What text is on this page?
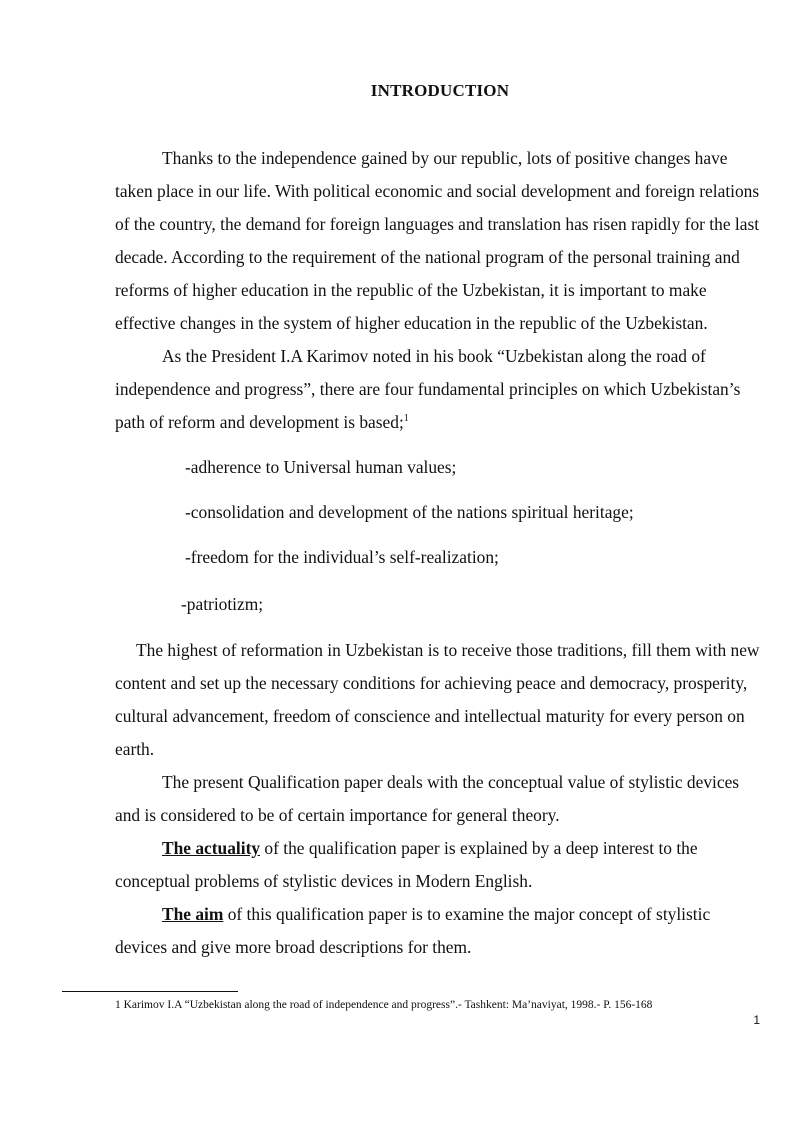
INTRODUCTION

Thanks to the independence gained by our republic, lots of positive changes have taken place in our life. With political economic and social development and foreign relations of the country, the demand for foreign languages and translation has risen rapidly for the last decade. According to the requirement of the national program of the personal training and reforms of higher education in the republic of the Uzbekistan, it is important to make effective changes in the system of higher education in the republic of the Uzbekistan.

As the President I.A Karimov noted in his book “Uzbekistan along the road of independence and progress”, there are four fundamental principles on which Uzbekistan’s path of reform and development is based;$^1$

-adherence to Universal human values;

-consolidation and development of the nations spiritual heritage;

-freedom for the individual’s self-realization;

-patriotizm;

The highest of reformation in Uzbekistan is to receive those traditions, fill them with new content and set up the necessary conditions for achieving peace and democracy, prosperity, cultural advancement, freedom of conscience and intellectual maturity for every person on earth.

The present Qualification paper deals with the conceptual value of stylistic devices and is considered to be of certain importance for general theory.

The actuality of the qualification paper is explained by a deep interest to the conceptual problems of stylistic devices in Modern English.

The aim of this qualification paper is to examine the major concept of stylistic devices and give more broad descriptions for them.

1 Karimov I.A “Uzbekistan along the road of independence and progress”.- Tashkent: Ma’naviyat, 1998.- P. 156-168
1
